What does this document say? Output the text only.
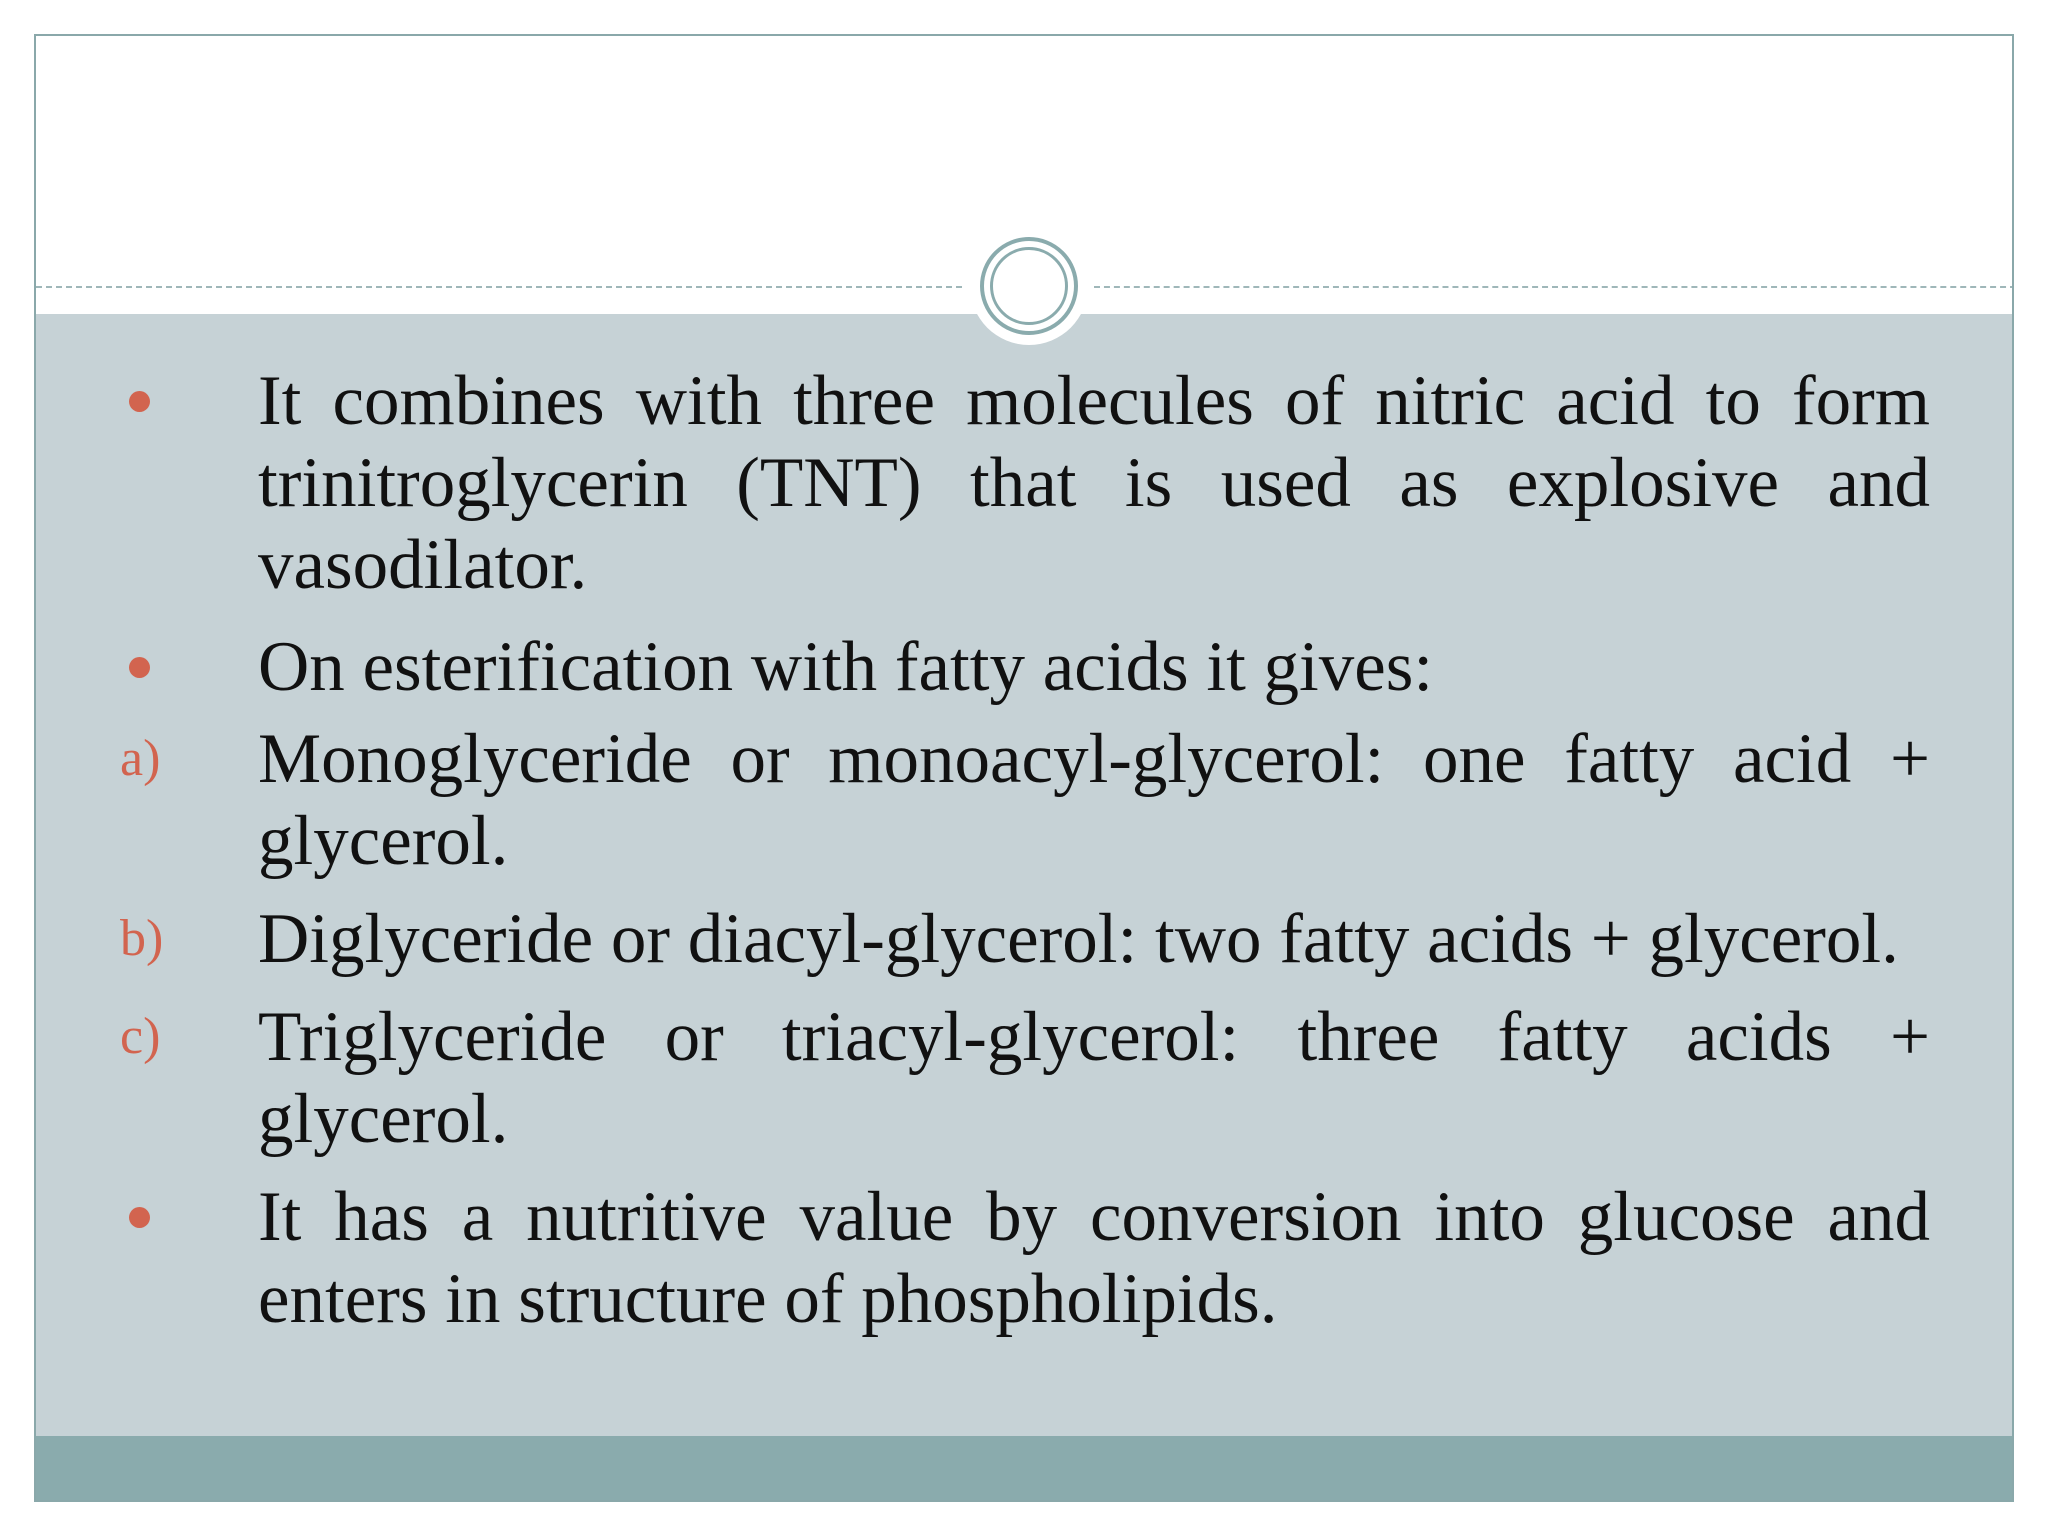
It combines with three molecules of nitric acid to form trinitroglycerin (TNT) that is used as explosive and vasodilator.
On esterification with fatty acids it gives:
a)	Monoglyceride or monoacyl-glycerol: one fatty acid + glycerol.
b)	Diglyceride or diacyl-glycerol: two fatty acids + glycerol.
c)	Triglyceride or triacyl-glycerol: three fatty acids + glycerol.
It has a nutritive value by conversion into glucose and enters in structure of phospholipids.
